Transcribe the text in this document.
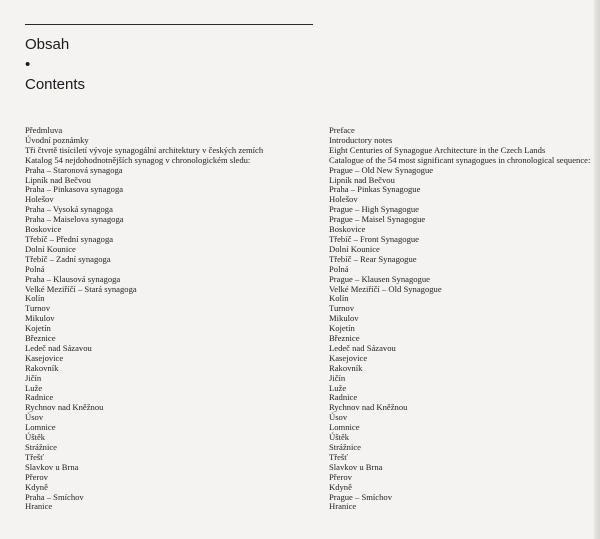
Obsah
•
Contents
Předmluva
Úvodní poznámky
Tři čtvrtě tisíciletí vývoje synagogální architektury v českých zemích
Katalog 54 nejdohodnotnějších synagog v chronologickém sledu:
Praha – Staronová synagoga
Lipník nad Bečvou
Praha – Pinkasova synagoga
Holešov
Praha – Vysoká synagoga
Praha – Maiselova synagoga
Boskovice
Třebíč – Přední synagoga
Dolní Kounice
Třebíč – Zadní synagoga
Polná
Praha – Klausová synagoga
Velké Meziříčí – Stará synagoga
Kolín
Turnov
Mikulov
Kojetín
Březnice
Ledeč nad Sázavou
Kasejovice
Rakovník
Jičín
Luže
Radnice
Rychnov nad Kněžnou
Úsov
Lomnice
Úštěk
Strážnice
Třešť
Slavkov u Brna
Přerov
Kdyně
Praha – Smíchov
Hranice
Preface
Introductory notes
Eight Centuries of Synagogue Architecture in the Czech Lands
Catalogue of the 54 most significant synagogues in chronological sequence:
Prague – Old New Synagogue
Lipník nad Bečvou
Praha – Pinkas Synagogue
Holešov
Prague – High Synagogue
Prague – Maisel Synagogue
Boskovice
Třebíč – Front Synagogue
Dolní Kounice
Třebíč – Rear Synagogue
Polná
Prague – Klausen Synagogue
Velké Meziříčí – Old Synagogue
Kolín
Turnov
Mikulov
Kojetín
Březnice
Ledeč nad Sázavou
Kasejovice
Rakovník
Jičín
Luže
Radnice
Rychnov nad Kněžnou
Úsov
Lomnice
Úštěk
Strážnice
Třešť
Slavkov u Brna
Přerov
Kdyně
Prague – Smíchov
Hranice
